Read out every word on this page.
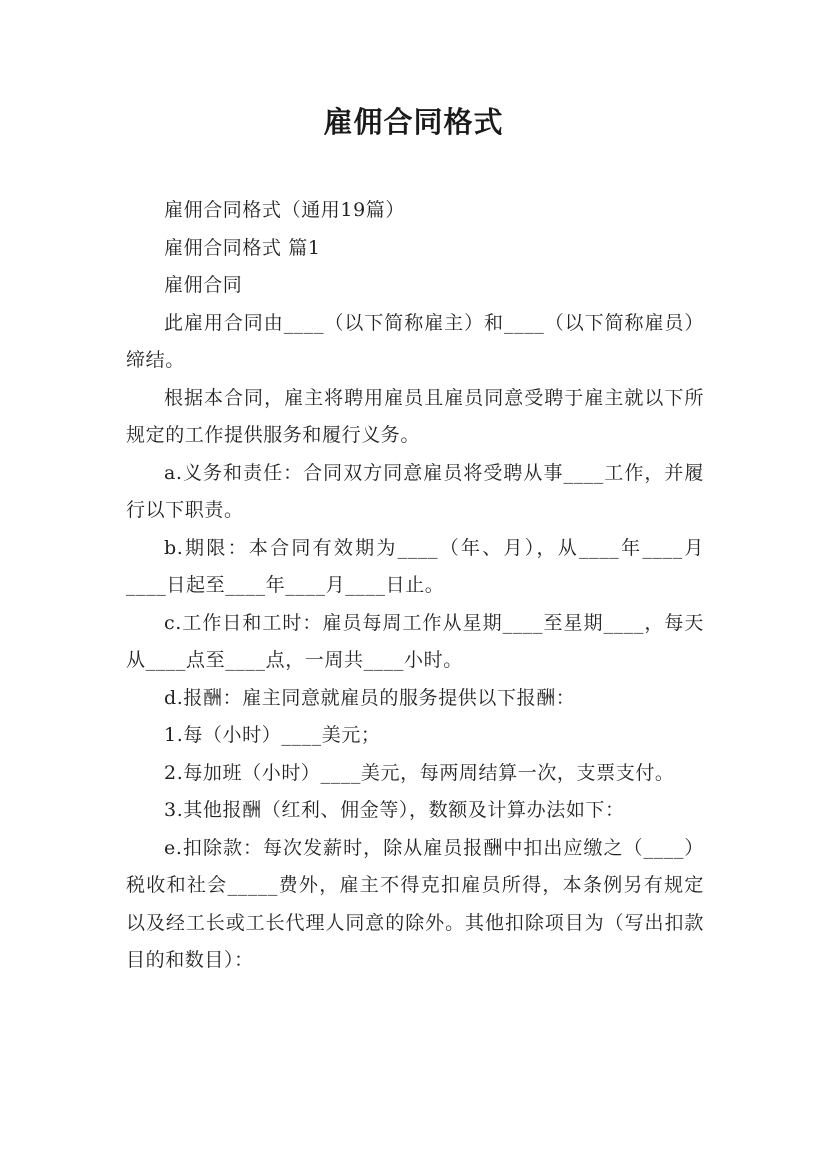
雇佣合同格式

雇佣合同格式（通用19篇）

雇佣合同格式 篇1

雇佣合同

此雇用合同由____（以下简称雇主）和____（以下简称雇员）缔结。

根据本合同，雇主将聘用雇员且雇员同意受聘于雇主就以下所规定的工作提供服务和履行义务。

a.义务和责任：合同双方同意雇员将受聘从事____工作，并履行以下职责。

b.期限：本合同有效期为____（年、月），从____年____月____日起至____年____月____日止。

c.工作日和工时：雇员每周工作从星期____至星期____，每天从____点至____点，一周共____小时。

d.报酬：雇主同意就雇员的服务提供以下报酬：

1.每（小时）____美元；

2.每加班（小时）____美元，每两周结算一次，支票支付。

3.其他报酬（红利、佣金等），数额及计算办法如下：

e.扣除款：每次发薪时，除从雇员报酬中扣出应缴之（____）税收和社会_____费外，雇主不得克扣雇员所得，本条例另有规定以及经工长或工长代理人同意的除外。其他扣除项目为（写出扣款目的和数目）：
